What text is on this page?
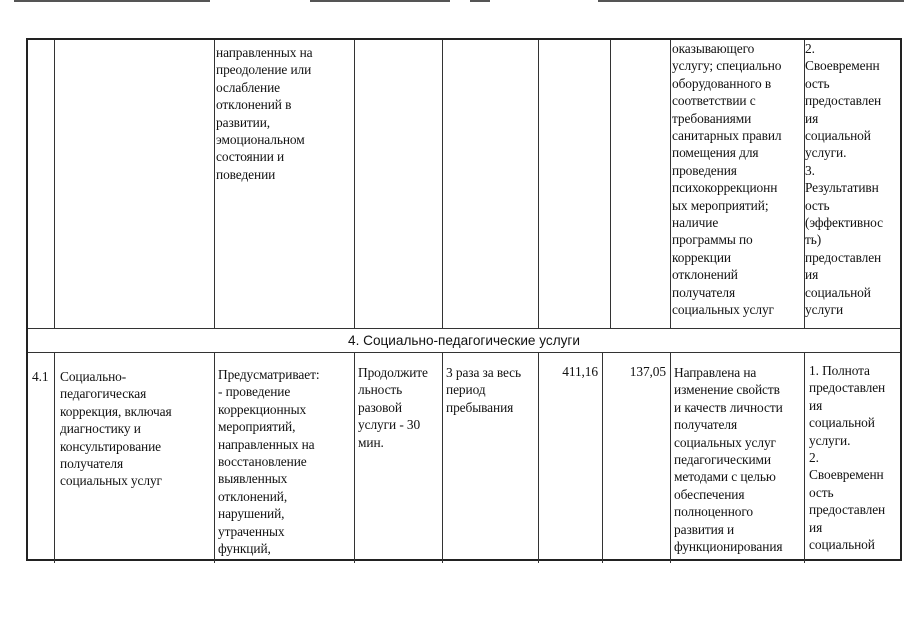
направленных на
преодоление или
ослабление
отклонений в
развитии,
эмоциональном
состоянии и
поведении
оказывающего
услугу; специально
оборудованного в
соответствии с
требованиями
санитарных правил
помещения для
проведения
психокоррекционн
ых мероприятий;
наличие
программы по
коррекции
отклонений
получателя
социальных услуг
2.
Своевременн
ость
предоставлен
ия
социальной
услуги.
3.
Результативн
ость
(эффективнос
ть)
предоставлен
ия
социальной
услуги
4. Социально-педагогические услуги
4.1 Социально-
педагогическая
коррекция, включая
диагностику и
консультирование
получателя
социальных услуг
Предусматривает:
- проведение
коррекционных
мероприятий,
направленных на
восстановление
выявленных
отклонений,
нарушений,
утраченных
функций,
Продолжите
льность
разовой
услуги - 30
мин.
3 раза за весь
период
пребывания
411,16	137,05 Направлена на
изменение свойств
и качеств личности
получателя
социальных услуг
педагогическими
методами с целью
обеспечения
полноценного
развития и
функционирования
1. Полнота
предоставлен
ия
социальной
услуги.
2.
Своевременн
ость
предоставлен
ия
социальной
